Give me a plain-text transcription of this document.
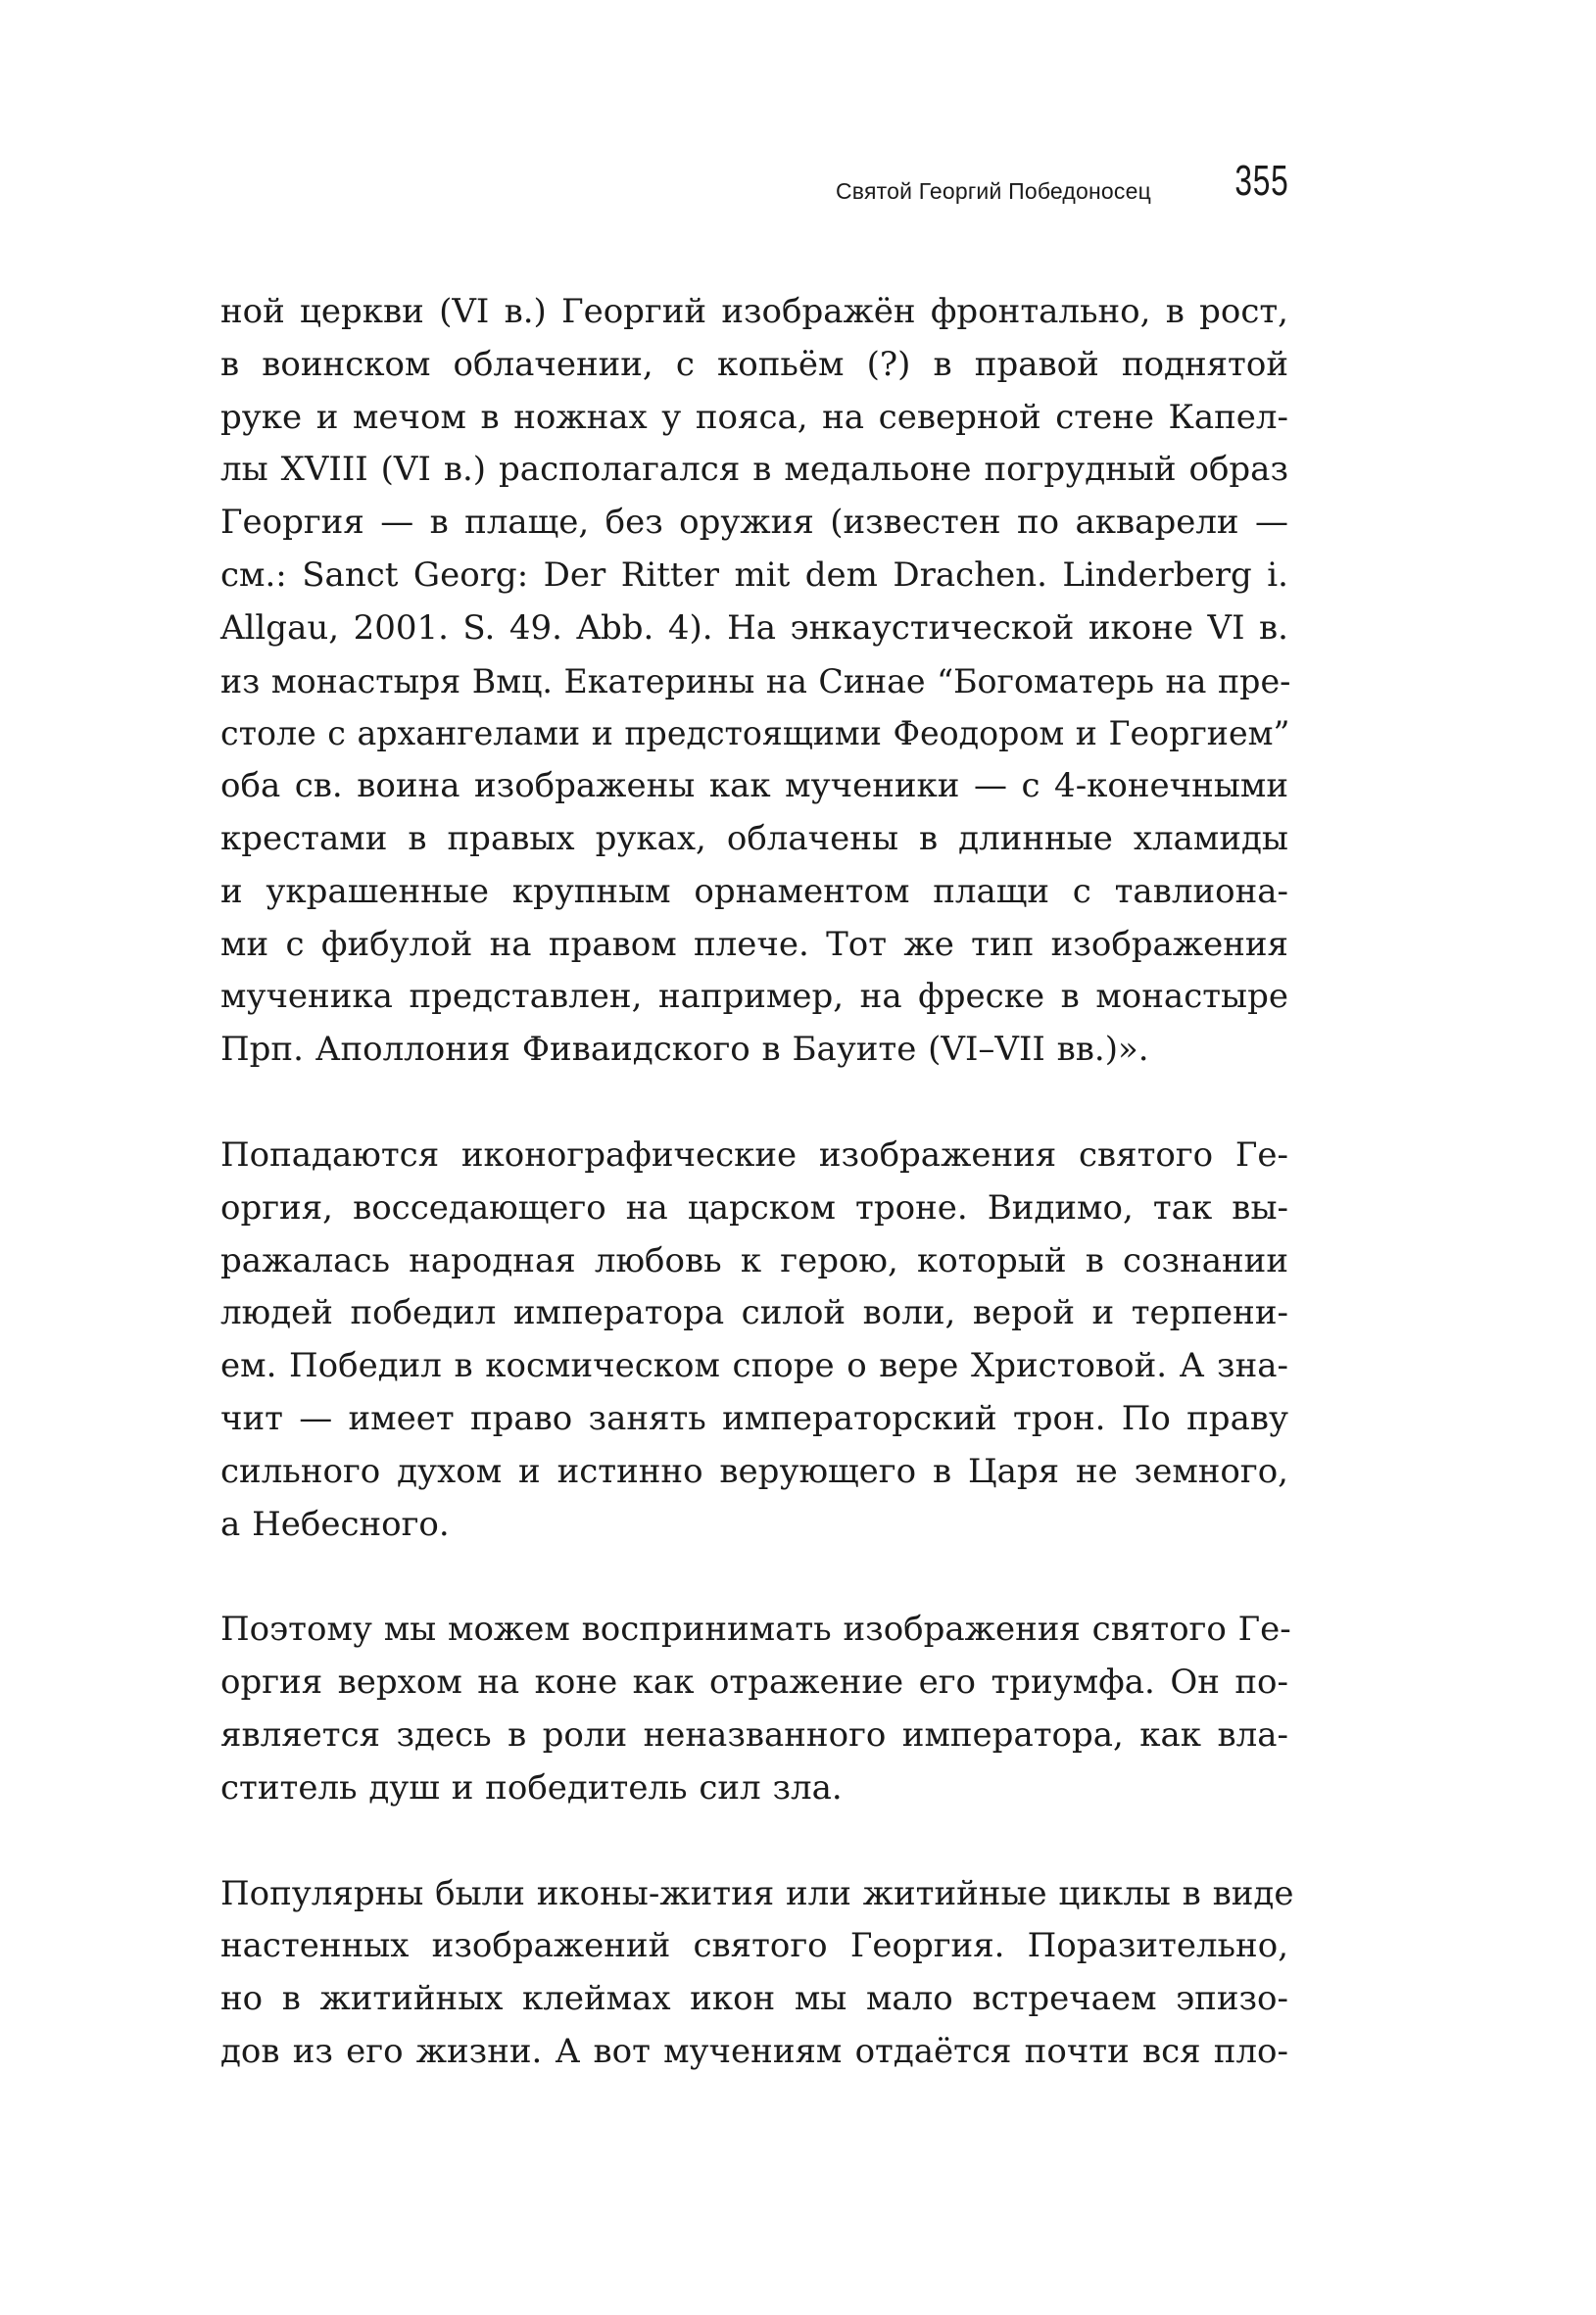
Святой Георгий Победоносец 355

ной церкви (VI в.) Георгий изображён фронтально, в рост,
в воинском облачении, с копьём (?) в правой поднятой
руке и мечом в ножнах у пояса, на северной стене Капел-
лы XVIII (VI в.) располагался в медальоне погрудный образ
Георгия — в плаще, без оружия (известен по акварели —
см.: Sanct Georg: Der Ritter mit dem Drachen. Linderberg i.
Allgau, 2001. S. 49. Abb. 4). На энкаустической иконе VI в.
из монастыря Вмц. Екатерины на Синае “Богоматерь на пре-
столе с архангелами и предстоящими Феодором и Георгием”
оба св. воина изображены как мученики — с 4-конечными
крестами в правых руках, облачены в длинные хламиды
и украшенные крупным орнаментом плащи с тавлиона-
ми с фибулой на правом плече. Тот же тип изображения
мученика представлен, например, на фреске в монастыре
Прп. Аполлония Фиваидского в Бауите (VI–VII вв.)».

Попадаются иконографические изображения святого Ге-
оргия, восседающего на царском троне. Видимо, так вы-
ражалась народная любовь к герою, который в сознании
людей победил императора силой воли, верой и терпени-
ем. Победил в космическом споре о вере Христовой. А зна-
чит — имеет право занять императорский трон. По праву
сильного духом и истинно верующего в Царя не земного,
а Небесного.

Поэтому мы можем воспринимать изображения святого Ге-
оргия верхом на коне как отражение его триумфа. Он по-
является здесь в роли неназванного императора, как вла-
ститель душ и победитель сил зла.

Популярны были иконы-жития или житийные циклы в виде
настенных изображений святого Георгия. Поразительно,
но в житийных клеймах икон мы мало встречаем эпизо-
дов из его жизни. А вот мучениям отдаётся почти вся пло-
